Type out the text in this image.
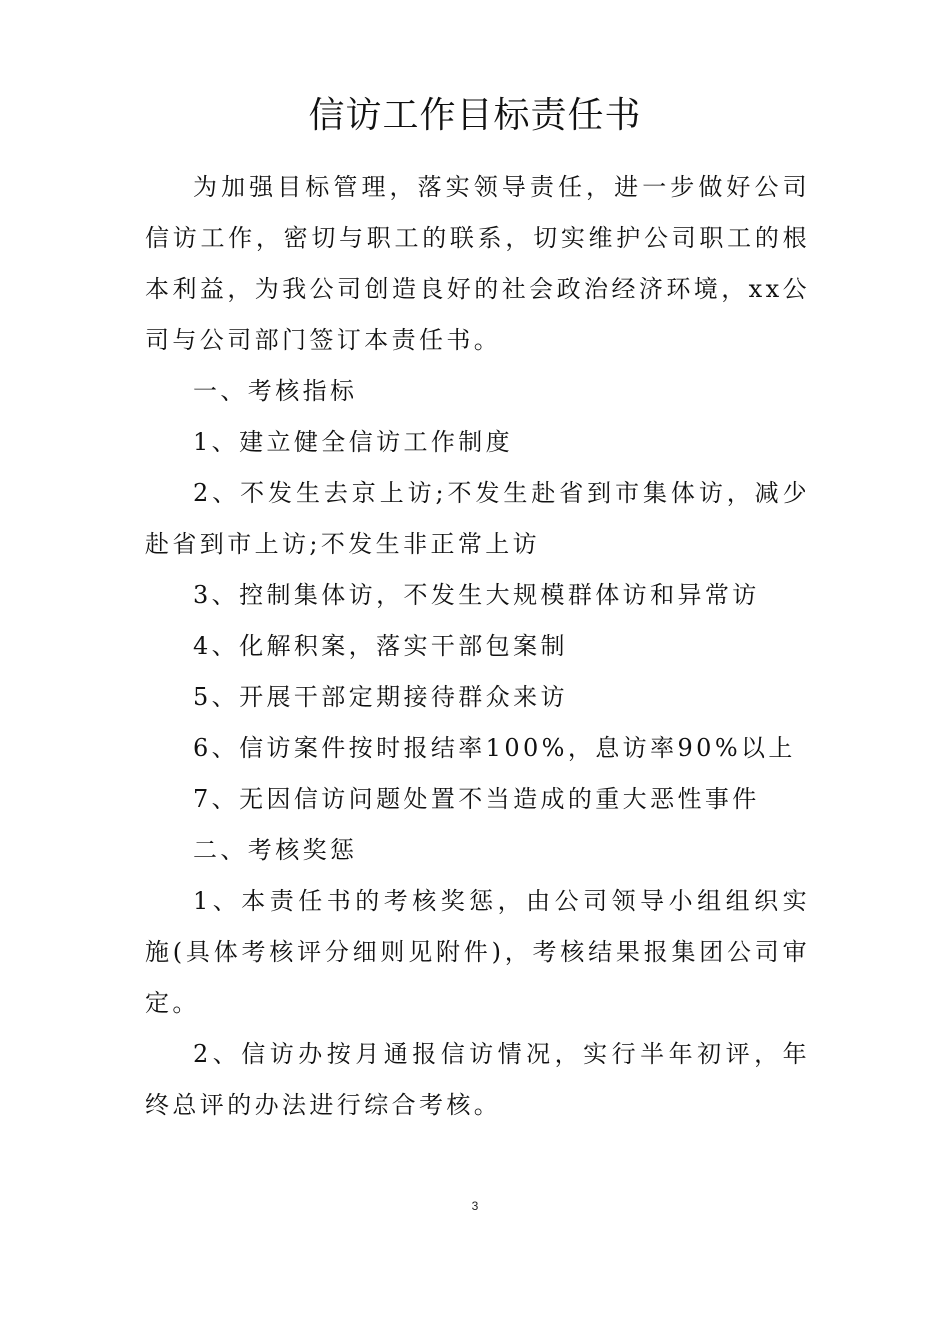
信访工作目标责任书

为加强目标管理，落实领导责任，进一步做好公司信访工作，密切与职工的联系，切实维护公司职工的根本利益，为我公司创造良好的社会政治经济环境，xx公司与公司部门签订本责任书。

一、考核指标

1、建立健全信访工作制度

2、不发生去京上访;不发生赴省到市集体访，减少赴省到市上访;不发生非正常上访

3、控制集体访，不发生大规模群体访和异常访

4、化解积案，落实干部包案制

5、开展干部定期接待群众来访

6、信访案件按时报结率100%，息访率90%以上

7、无因信访问题处置不当造成的重大恶性事件

二、考核奖惩

1、本责任书的考核奖惩，由公司领导小组组织实施(具体考核评分细则见附件)，考核结果报集团公司审定。

2、信访办按月通报信访情况，实行半年初评，年终总评的办法进行综合考核。

3
